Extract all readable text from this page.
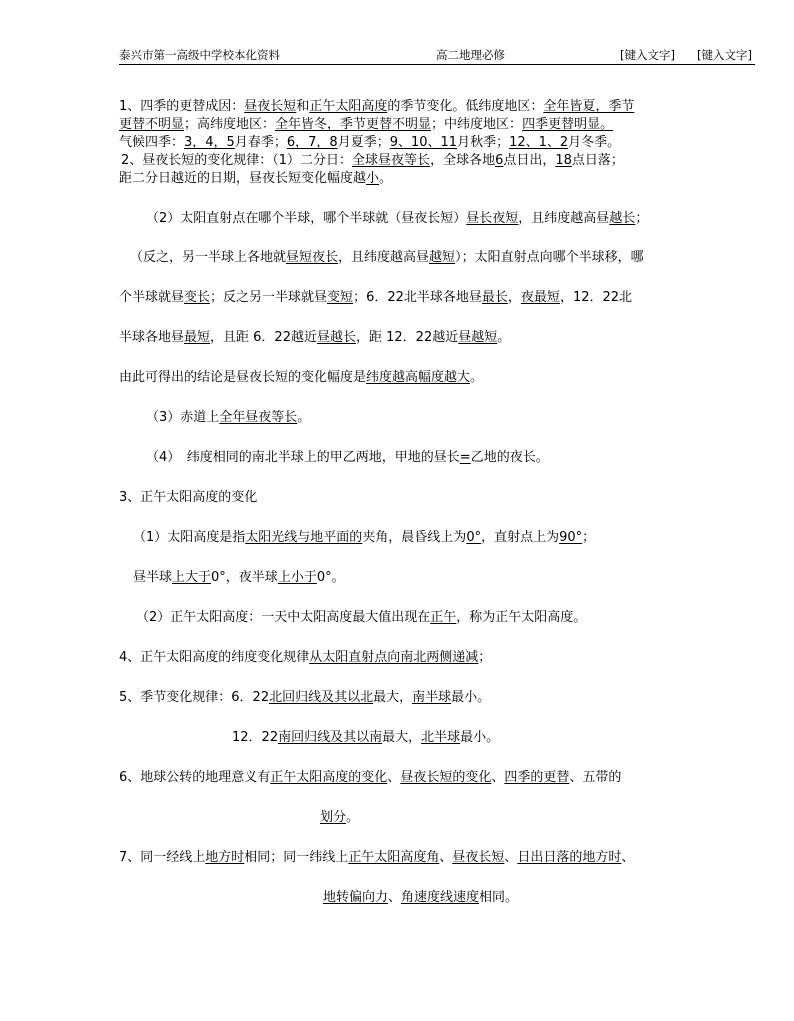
泰兴市第一高级中学校本化资料	高二地理必修	[键入文字] [键入文字]
1、四季的更替成因：昼夜长短和正午太阳高度的季节变化。低纬度地区：全年皆夏，季节
更替不明显；高纬度地区：全年皆冬，季节更替不明显；中纬度地区：四季更替明显。
气候四季：3，4，5月春季；6，7，8月夏季；9、10、11月秋季；12、1、2月冬季。
2、昼夜长短的变化规律：（1）二分日：全球昼夜等长，全球各地6点日出，18点日落；
距二分日越近的日期，昼夜长短变化幅度越小。
（2）太阳直射点在哪个半球，哪个半球就（昼夜长短）昼长夜短，且纬度越高昼越长；
（反之，另一半球上各地就昼短夜长，且纬度越高昼越短）；太阳直射点向哪个半球移，哪
个半球就昼变长；反之另一半球就昼变短；6．22北半球各地昼最长，夜最短，12．22北
半球各地昼最短，且距 6．22越近昼越长，距 12．22越近昼越短。
由此可得出的结论是昼夜长短的变化幅度是纬度越高幅度越大。
（3）赤道上全年昼夜等长。
（4）　纬度相同的南北半球上的甲乙两地，甲地的昼长=乙地的夜长。
3、正午太阳高度的变化
（1）太阳高度是指太阳光线与地平面的夹角，晨昏线上为0°，直射点上为90°；
昼半球上大于0°，夜半球上小于0°。
（2）正午太阳高度：一天中太阳高度最大值出现在正午，称为正午太阳高度。
4、正午太阳高度的纬度变化规律从太阳直射点向南北两侧递减；
5、季节变化规律：6．22北回归线及其以北最大，南半球最小。
12．22南回归线及其以南最大，北半球最小。
6、地球公转的地理意义有正午太阳高度的变化、昼夜长短的变化、四季的更替、五带的
划分。
7、同一经线上地方时相同；同一纬线上正午太阳高度角、昼夜长短、日出日落的地方时、
地转偏向力、角速度线速度相同。
